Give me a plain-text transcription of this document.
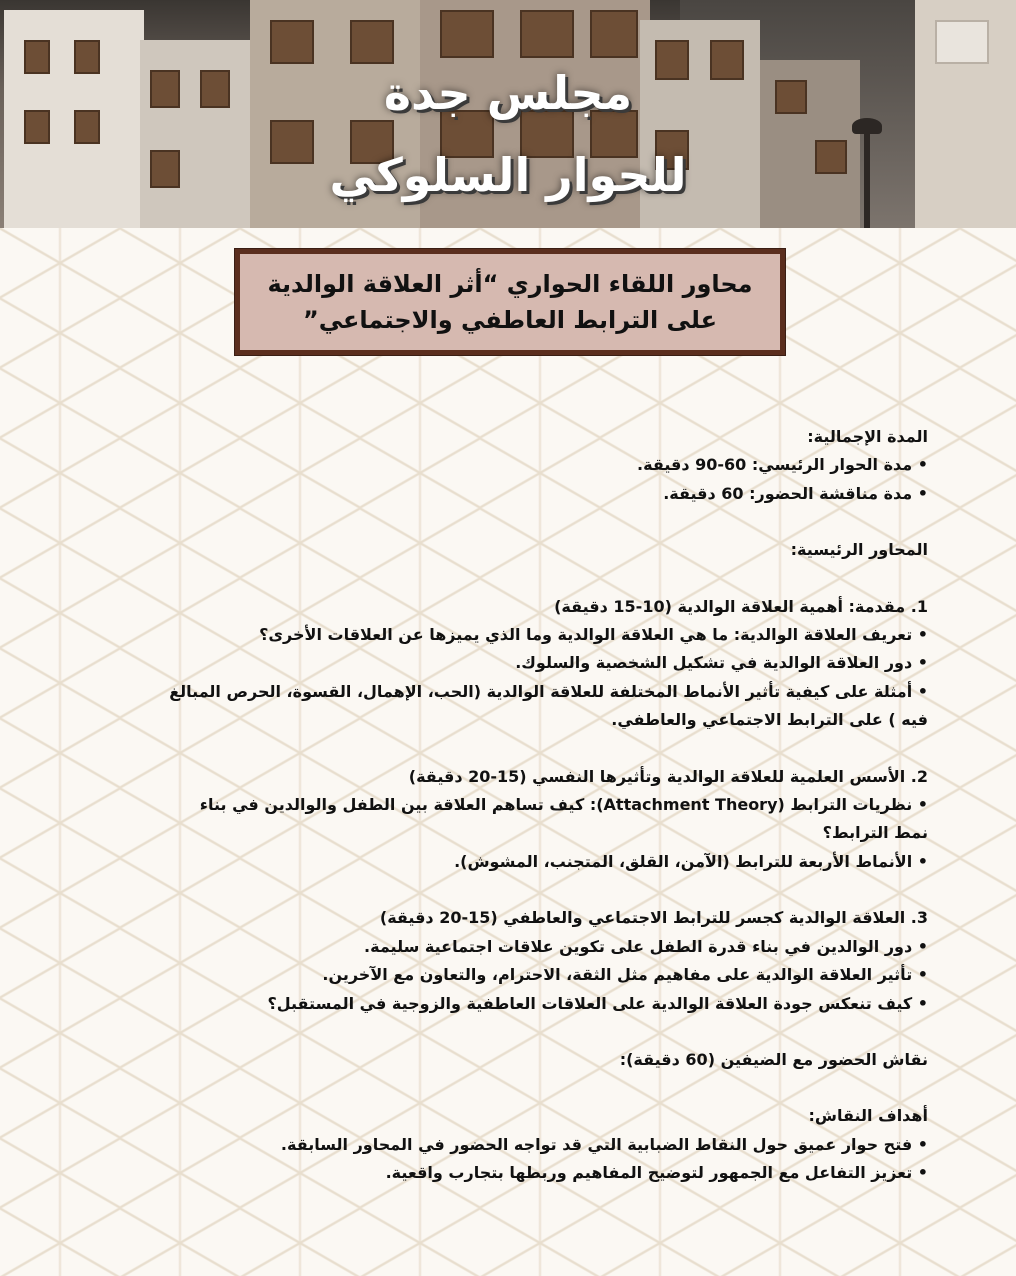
مجلس جدة
للحوار السلوكي
محاور اللقاء الحواري “أثر العلاقة الوالدية
على الترابط العاطفي والاجتماعي”

المدة الإجمالية:

• مدة الحوار الرئيسي: 60-90 دقيقة.

• مدة مناقشة الحضور: 60 دقيقة.

المحاور الرئيسية:

1. مقدمة: أهمية العلاقة الوالدية (10-15 دقيقة)

• تعريف العلاقة الوالدية: ما هي العلاقة الوالدية وما الذي يميزها عن العلاقات الأخرى؟

• دور العلاقة الوالدية في تشكيل الشخصية والسلوك.

• أمثلة على كيفية تأثير الأنماط المختلفة للعلاقة الوالدية (الحب، الإهمال، القسوة، الحرص المبالغ

فيه ) على الترابط الاجتماعي والعاطفي.

2. الأسس العلمية للعلاقة الوالدية وتأثيرها النفسي (15-20 دقيقة)

• نظريات الترابط (Attachment Theory): كيف تساهم العلاقة بين الطفل والوالدين في بناء

نمط الترابط؟

• الأنماط الأربعة للترابط (الآمن، القلق، المتجنب، المشوش).

3. العلاقة الوالدية كجسر للترابط الاجتماعي والعاطفي (15-20 دقيقة)

• دور الوالدين في بناء قدرة الطفل على تكوين علاقات اجتماعية سليمة.

• تأثير العلاقة الوالدية على مفاهيم مثل الثقة، الاحترام، والتعاون مع الآخرين.

• كيف تنعكس جودة العلاقة الوالدية على العلاقات العاطفية والزوجية في المستقبل؟

نقاش الحضور مع الضيفين (60 دقيقة):

أهداف النقاش:

• فتح حوار عميق حول النقاط الضبابية التي قد تواجه الحضور في المحاور السابقة.

• تعزيز التفاعل مع الجمهور لتوضيح المفاهيم وربطها بتجارب واقعية.
